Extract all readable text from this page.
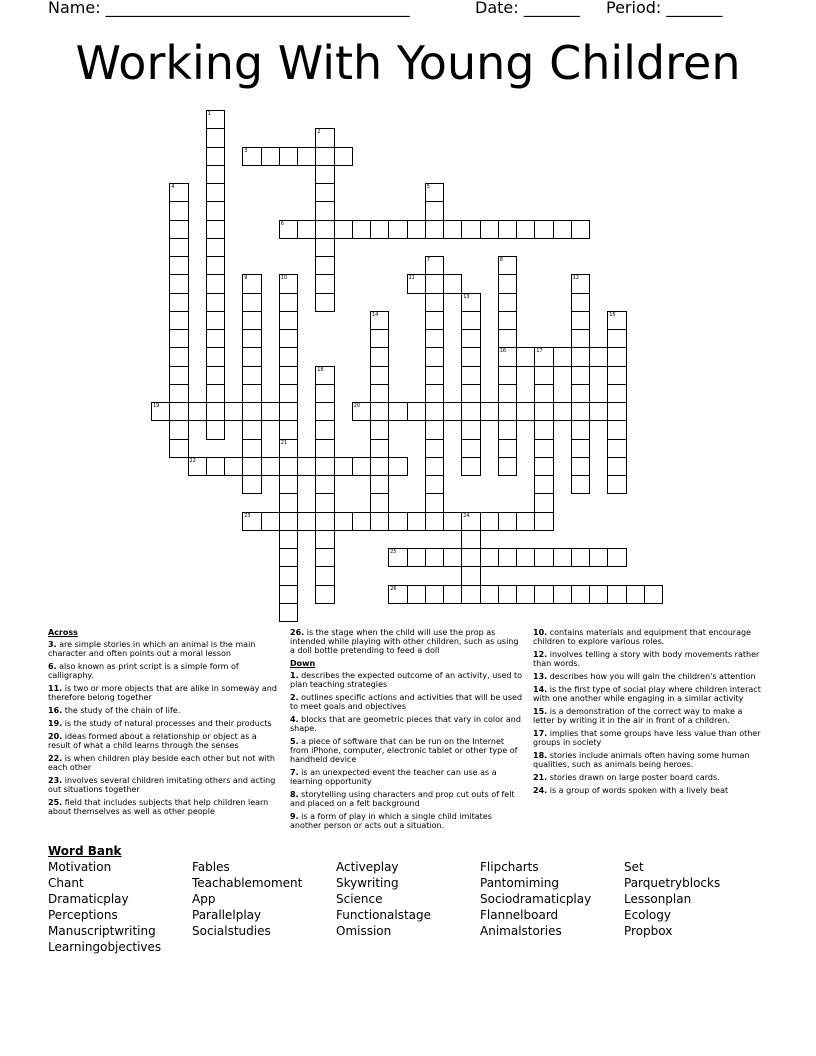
Name: ______________________________________	Date: _______ Period: _______
Working With Young Children
1
2
3
4	5
6
7	8
16
9	10	11	12
13
14	15
17
18
19	20
21
22
23	24
25
26
Across
3. are simple stories in which an animal is the main character and often points out a moral lesson
6. also known as print script is a simple form of calligraphy.
11. is two or more objects that are alike in someway and therefore belong together
16. the study of the chain of life.
19. is the study of natural processes and their products
20. ideas formed about a relationship or object as a result of what a child learns through the senses
22. is when children play beside each other but not with each other
23. involves several children imitating others and acting out situations together
25. field that includes subjects that help children learn about themselves as well as other people
26. is the stage when the child will use the prop as intended while playing with other children, such as using a doll bottle pretending to feed a doll
Down
1. describes the expected outcome of an activity, used to plan teaching strategies
2. outlines specific actions and activities that will be used to meet goals and objectives
4. blocks that are geometric pieces that vary in color and shape.
5. a piece of software that can be run on the Internet from iPhone, computer, electronic tablet or other type of handheld device
7. is an unexpected event the teacher can use as a learning opportunity
8. storytelling using characters and prop cut outs of felt and placed on a felt background
9. is a form of play in which a single child imitates another person or acts out a situation.
10. contains materials and equipment that encourage children to explore various roles.
12. involves telling a story with body movements rather than words.
13. describes how you will gain the children's attention
14. is the first type of social play where children interact with one another while engaging in a similar activity
15. is a demonstration of the correct way to make a letter by writing it in the air in front of a children.
17. implies that some groups have less value than other groups in society
18. stories include animals often having some human qualities, such as animals being heroes.
21. stories drawn on large poster board cards.
24. is a group of words spoken with a lively beat
Word Bank
Motivation
Chant
Dramaticplay
Perceptions
Manuscriptwriting
Learningobjectives
Fables
Teachablemoment
App
Parallelplay
Socialstudies
Activeplay
Skywriting
Science
Functionalstage
Omission
Flipcharts
Pantomiming
Sociodramaticplay
Flannelboard
Animalstories
Set
Parquetryblocks
Lessonplan
Ecology
Propbox
